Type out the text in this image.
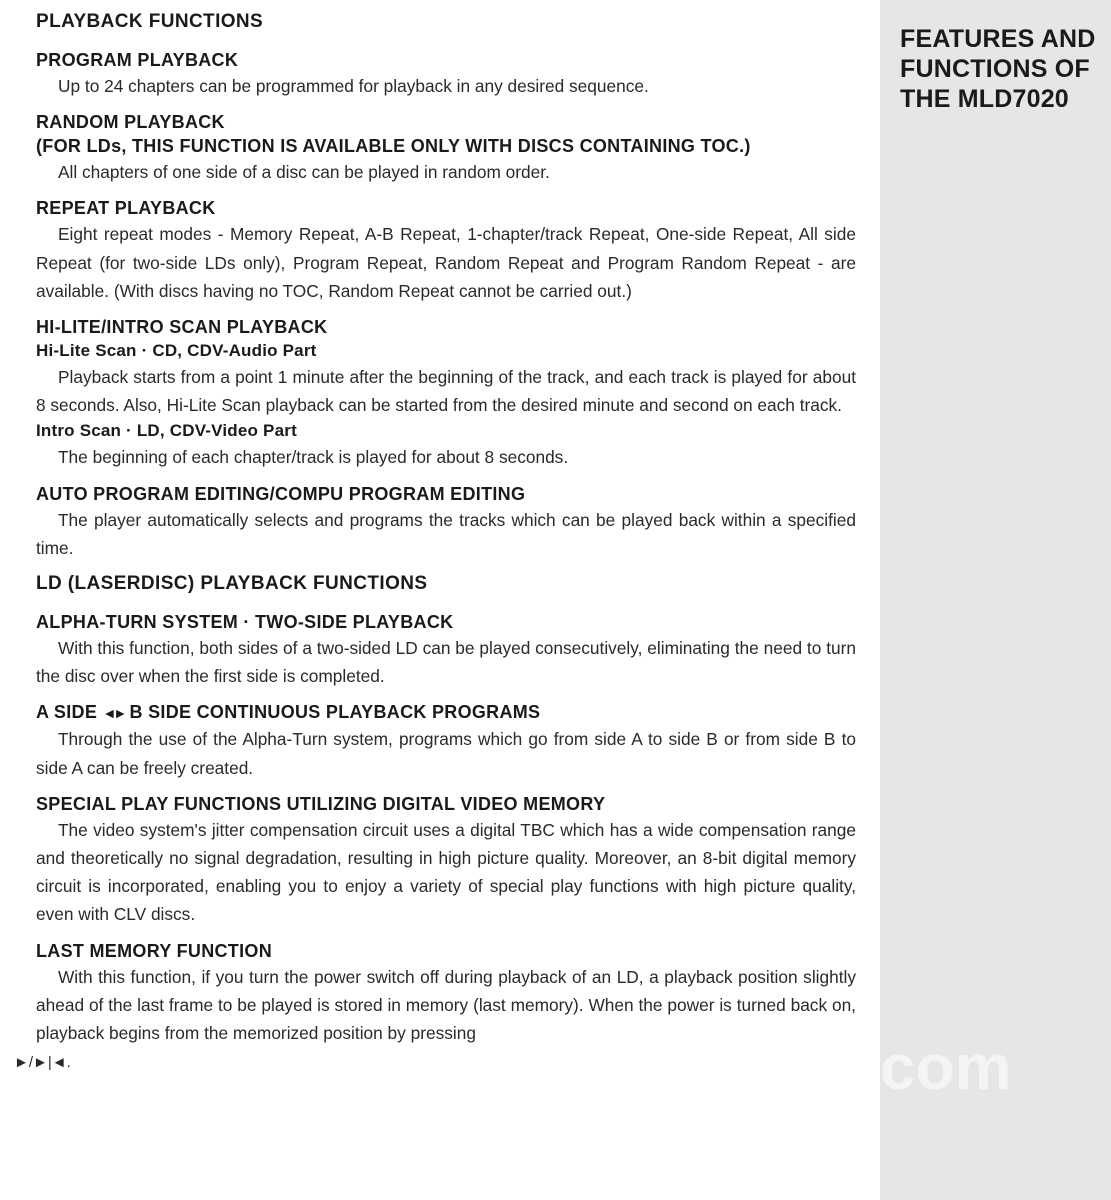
PLAYBACK FUNCTIONS

PROGRAM PLAYBACK

Up to 24 chapters can be programmed for playback in any desired sequence.

RANDOM PLAYBACK

(FOR LDs, THIS FUNCTION IS AVAILABLE ONLY WITH DISCS CONTAINING TOC.)

All chapters of one side of a disc can be played in random order.

REPEAT PLAYBACK

Eight repeat modes - Memory Repeat, A-B Repeat, 1-chapter/track Repeat, One-side Repeat, All side Repeat (for two-side LDs only), Program Repeat, Random Repeat and Program Random Repeat - are available. (With discs having no TOC, Random Repeat cannot be carried out.)

HI-LITE/INTRO SCAN PLAYBACK

Hi-Lite Scan · CD, CDV-Audio Part

Playback starts from a point 1 minute after the beginning of the track, and each track is played for about 8 seconds. Also, Hi-Lite Scan playback can be started from the desired minute and second on each track.

Intro Scan · LD, CDV-Video Part

The beginning of each chapter/track is played for about 8 seconds.

AUTO PROGRAM EDITING/COMPU PROGRAM EDITING

The player automatically selects and programs the tracks which can be played back within a specified time.

LD (LASERDISC) PLAYBACK FUNCTIONS

ALPHA-TURN SYSTEM · TWO-SIDE PLAYBACK

With this function, both sides of a two-sided LD can be played consecutively, eliminating the need to turn the disc over when the first side is completed.

A SIDE ◄► B SIDE CONTINUOUS PLAYBACK PROGRAMS

Through the use of the Alpha-Turn system, programs which go from side A to side B or from side B to side A can be freely created.

SPECIAL PLAY FUNCTIONS UTILIZING DIGITAL VIDEO MEMORY

The video system's jitter compensation circuit uses a digital TBC which has a wide compensation range and theoretically no signal degradation, resulting in high picture quality. Moreover, an 8-bit digital memory circuit is incorporated, enabling you to enjoy a variety of special play functions with high picture quality, even with CLV discs.

LAST MEMORY FUNCTION

With this function, if you turn the power switch off during playback of an LD, a playback position slightly ahead of the last frame to be played is stored in memory (last memory). When the power is turned back on, playback begins from the memorized position by pressing
►/►|◄.

FEATURES AND FUNCTIONS OF THE MLD7020
com
